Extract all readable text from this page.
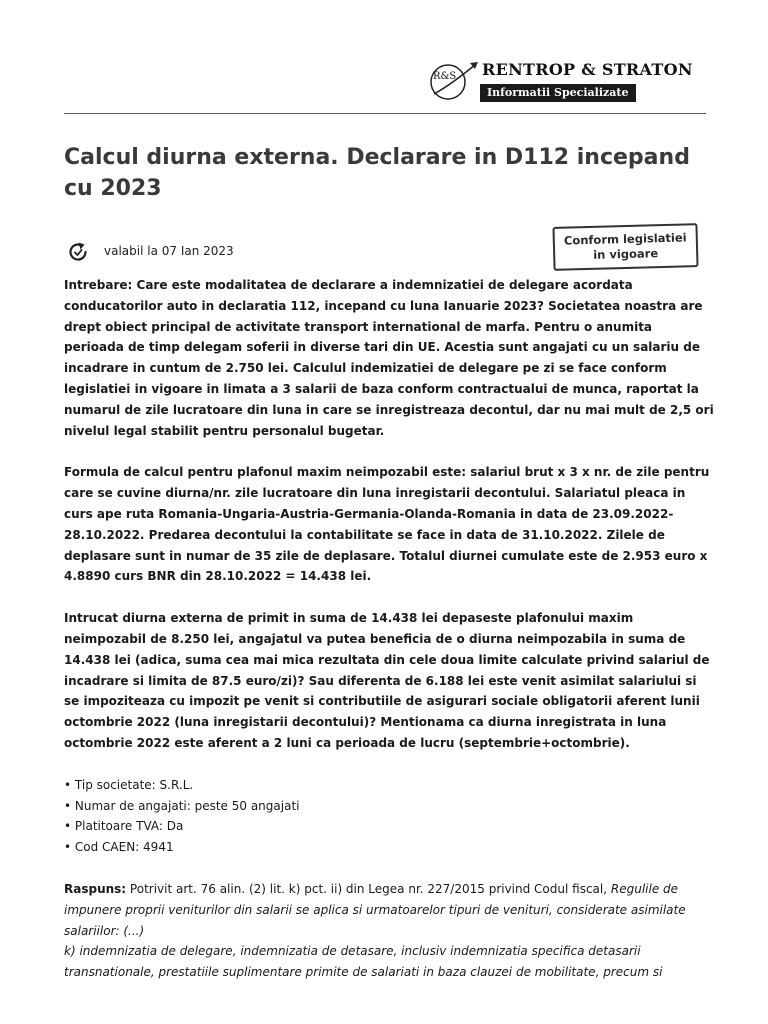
R&S RENTROP & STRATON
Informatii Specializate
Calcul diurna externa. Declarare in D112 incepand cu 2023
valabil la 07 Ian 2023
Conform legislatiei
in vigoare

Intrebare: Care este modalitatea de declarare a indemnizatiei de delegare acordata conducatorilor auto in declaratia 112, incepand cu luna Ianuarie 2023? Societatea noastra are drept obiect principal de activitate transport international de marfa. Pentru o anumita perioada de timp delegam soferii in diverse tari din UE. Acestia sunt angajati cu un salariu de incadrare in cuntum de 2.750 lei. Calculul indemizatiei de delegare pe zi se face conform legislatiei in vigoare in limata a 3 salarii de baza conform contractualui de munca, raportat la numarul de zile lucratoare din luna in care se inregistreaza decontul, dar nu mai mult de 2,5 ori nivelul legal stabilit pentru personalul bugetar.

Formula de calcul pentru plafonul maxim neimpozabil este: salariul brut x 3 x nr. de zile pentru care se cuvine diurna/nr. zile lucratoare din luna inregistarii decontului. Salariatul pleaca in curs ape ruta Romania-Ungaria-Austria-Germania-Olanda-Romania in data de 23.09.2022- 28.10.2022. Predarea decontului la contabilitate se face in data de 31.10.2022. Zilele de deplasare sunt in numar de 35 zile de deplasare. Totalul diurnei cumulate este de 2.953 euro x 4.8890 curs BNR din 28.10.2022 = 14.438 lei.

Intrucat diurna externa de primit in suma de 14.438 lei depaseste plafonului maxim neimpozabil de 8.250 lei, angajatul va putea beneficia de o diurna neimpozabila in suma de 14.438 lei (adica, suma cea mai mica rezultata din cele doua limite calculate privind salariul de incadrare si limita de 87.5 euro/zi)? Sau diferenta de 6.188 lei este venit asimilat salariului si se impoziteaza cu impozit pe venit si contributiile de asigurari sociale obligatorii aferent lunii octombrie 2022 (luna inregistarii decontului)? Mentionama ca diurna inregistrata in luna octombrie 2022 este aferent a 2 luni ca perioada de lucru (septembrie+octombrie).

• Tip societate: S.R.L.
• Numar de angajati: peste 50 angajati
• Platitoare TVA: Da
• Cod CAEN: 4941

Raspuns: Potrivit art. 76 alin. (2) lit. k) pct. ii) din Legea nr. 227/2015 privind Codul fiscal, Regulile de impunere proprii veniturilor din salarii se aplica si urmatoarelor tipuri de venituri, considerate asimilate salariilor: (...)
k) indemnizatia de delegare, indemnizatia de detasare, inclusiv indemnizatia specifica detasarii transnationale, prestatiile suplimentare primite de salariati in baza clauzei de mobilitate, precum si
